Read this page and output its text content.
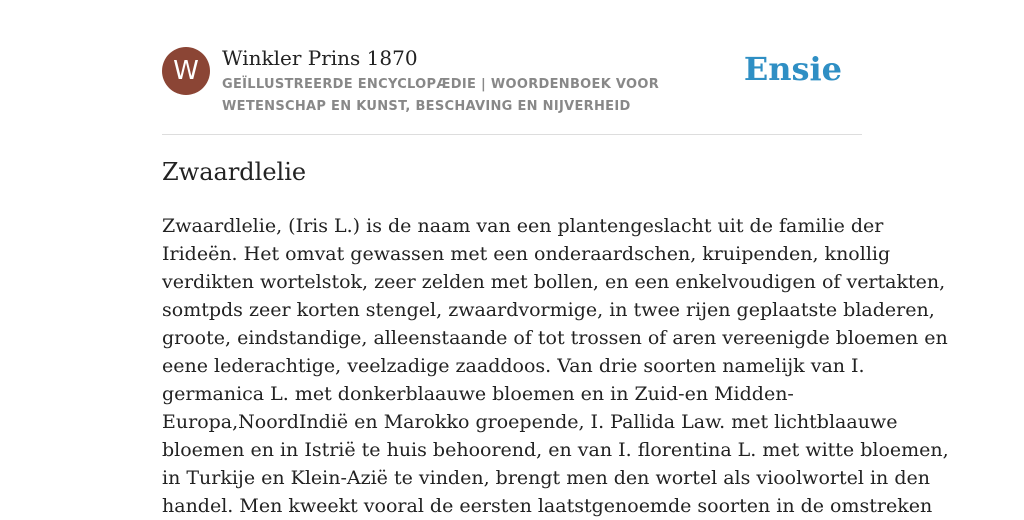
W	Winkler Prins 1870
GEÏLLUSTREERDE ENCYCLOPÆDIE | WOORDENBOEK VOOR WETENSCHAP EN KUNST, BESCHAVING EN NIJVERHEID
Ensie
Zwaardlelie
Zwaardlelie, (Iris L.) is de naam van een plantengeslacht uit de familie der
Irideën. Het omvat gewassen met een onderaardschen, kruipenden, knollig
verdikten wortelstok, zeer zelden met bollen, en een enkelvoudigen of vertakten,
somtpds zeer korten stengel, zwaardvormige, in twee rijen geplaatste bladeren,
groote, eindstandige, alleenstaande of tot trossen of aren vereenigde bloemen en
eene lederachtige, veelzadige zaaddoos. Van drie soorten namelijk van I.
germanica L. met donkerblaauwe bloemen en in Zuid-en Midden-
Europa,NoordIndië en Marokko groepende, I. Pallida Law. met lichtblaauwe
bloemen en in Istrië te huis behoorend, en van I. florentina L. met witte bloemen,
in Turkije en Klein-Azië te vinden, brengt men den wortel als vioolwortel in den
handel. Men kweekt vooral de eersten laatstgenoemde soorten in de omstreken
